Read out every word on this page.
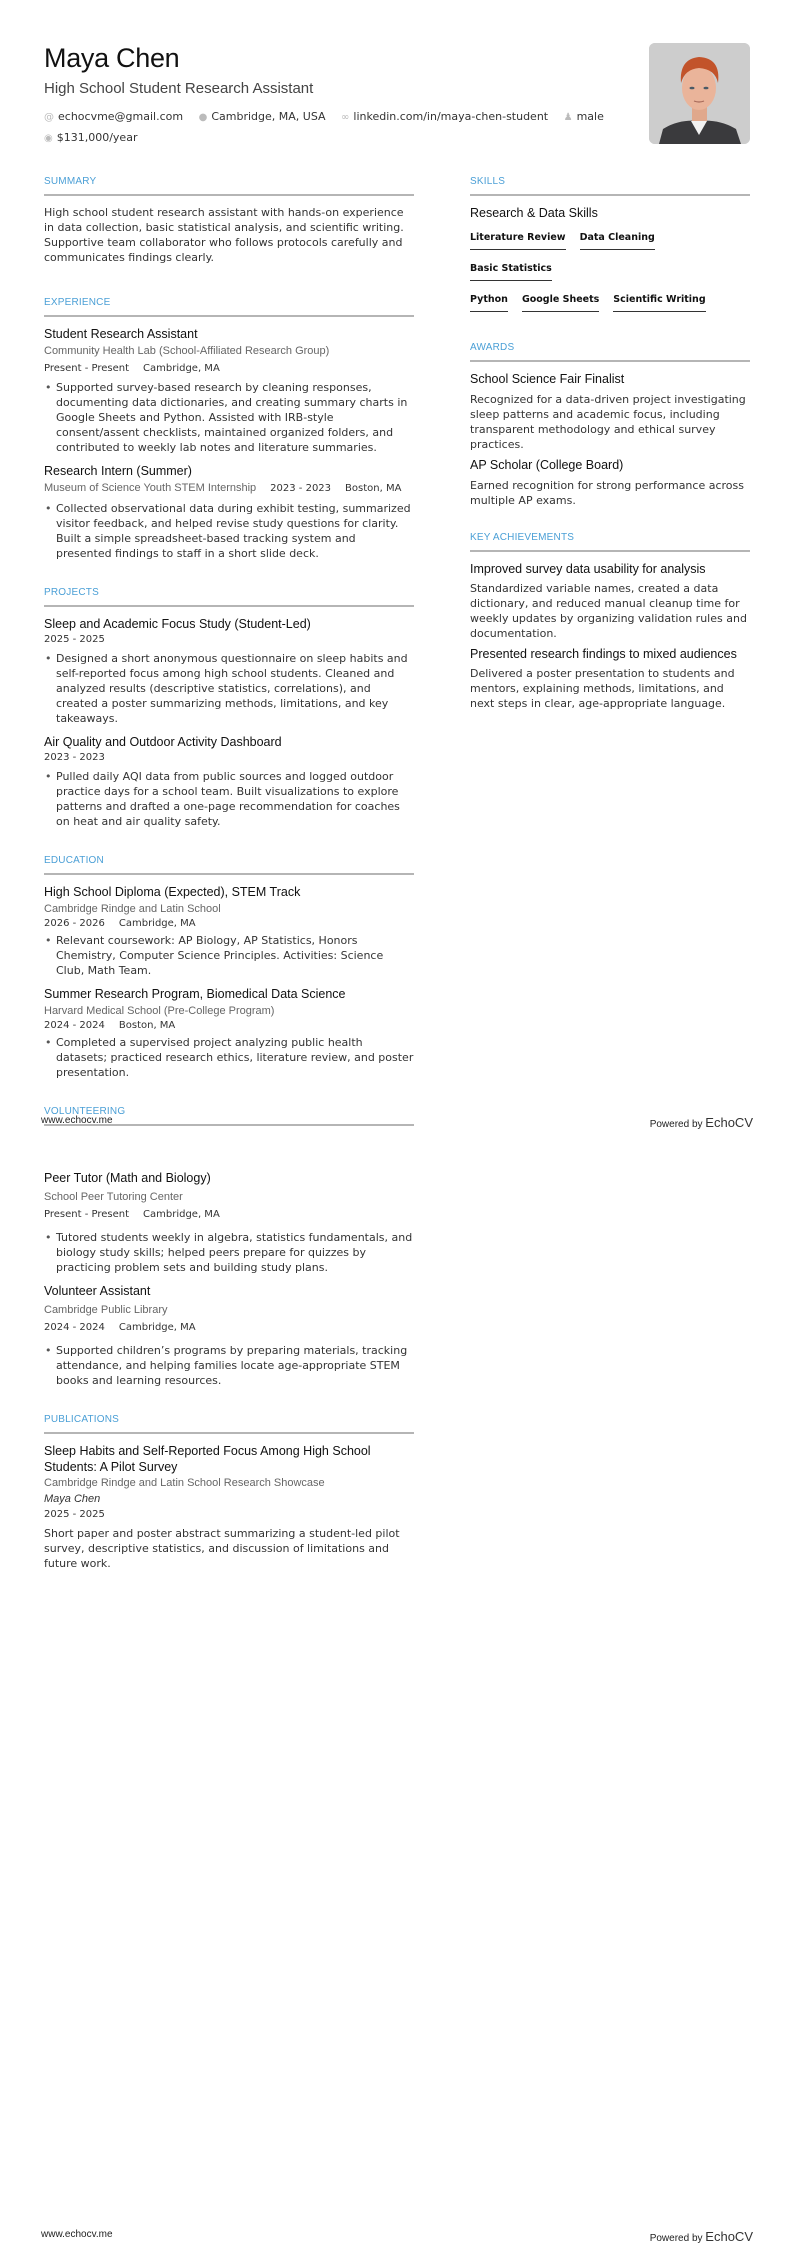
Maya Chen
High School Student Research Assistant
@ echocvme@gmail.com ● Cambridge, MA, USA ∞ linkedin.com/in/maya-chen-student ♟ male
◉ $131,000/year
SUMMARY
High school student research assistant with hands-on experience in data collection, basic statistical analysis, and scientific writing. Supportive team collaborator who follows protocols carefully and communicates findings clearly.
EXPERIENCE
Student Research Assistant
Community Health Lab (School-Affiliated Research Group)
Present - Present Cambridge, MA
• Supported survey-based research by cleaning responses, documenting data dictionaries, and creating summary charts in Google Sheets and Python. Assisted with IRB-style consent/assent checklists, maintained organized folders, and contributed to weekly lab notes and literature summaries.
Research Intern (Summer)
Museum of Science Youth STEM Internship 2023 - 2023 Boston, MA
• Collected observational data during exhibit testing, summarized visitor feedback, and helped revise study questions for clarity. Built a simple spreadsheet-based tracking system and presented findings to staff in a short slide deck.
PROJECTS
Sleep and Academic Focus Study (Student-Led)
2025 - 2025
• Designed a short anonymous questionnaire on sleep habits and self-reported focus among high school students. Cleaned and analyzed results (descriptive statistics, correlations), and created a poster summarizing methods, limitations, and key takeaways.
Air Quality and Outdoor Activity Dashboard
2023 - 2023
• Pulled daily AQI data from public sources and logged outdoor practice days for a school team. Built visualizations to explore patterns and drafted a one-page recommendation for coaches on heat and air quality safety.
EDUCATION
High School Diploma (Expected), STEM Track
Cambridge Rindge and Latin School
2026 - 2026 Cambridge, MA
• Relevant coursework: AP Biology, AP Statistics, Honors Chemistry, Computer Science Principles. Activities: Science Club, Math Team.
Summer Research Program, Biomedical Data Science
Harvard Medical School (Pre-College Program)
2024 - 2024 Boston, MA
• Completed a supervised project analyzing public health datasets; practiced research ethics, literature review, and poster presentation.
VOLUNTEERING
SKILLS
Research & Data Skills
Literature Review Data CleaningBasic Statistics
Python Google Sheets Scientific Writing
AWARDS
School Science Fair Finalist
Recognized for a data-driven project investigating sleep patterns and academic focus, including transparent methodology and ethical survey practices.
AP Scholar (College Board)
Earned recognition for strong performance across multiple AP exams.
KEY ACHIEVEMENTS
Improved survey data usability for analysis
Standardized variable names, created a data dictionary, and reduced manual cleanup time for weekly updates by organizing validation rules and documentation.
Presented research findings to mixed audiences
Delivered a poster presentation to students and mentors, explaining methods, limitations, and next steps in clear, age-appropriate language.
www.echocv.me	Powered by EchoCV
Peer Tutor (Math and Biology)
School Peer Tutoring Center
Present - Present Cambridge, MA
• Tutored students weekly in algebra, statistics fundamentals, and biology study skills; helped peers prepare for quizzes by practicing problem sets and building study plans.
Volunteer Assistant
Cambridge Public Library
2024 - 2024 Cambridge, MA
• Supported children’s programs by preparing materials, tracking attendance, and helping families locate age-appropriate STEM books and learning resources.
PUBLICATIONS
Sleep Habits and Self-Reported Focus Among High School Students: A Pilot Survey
Cambridge Rindge and Latin School Research Showcase
Maya Chen
2025 - 2025
Short paper and poster abstract summarizing a student-led pilot survey, descriptive statistics, and discussion of limitations and future work.
www.echocv.me	Powered by EchoCV
